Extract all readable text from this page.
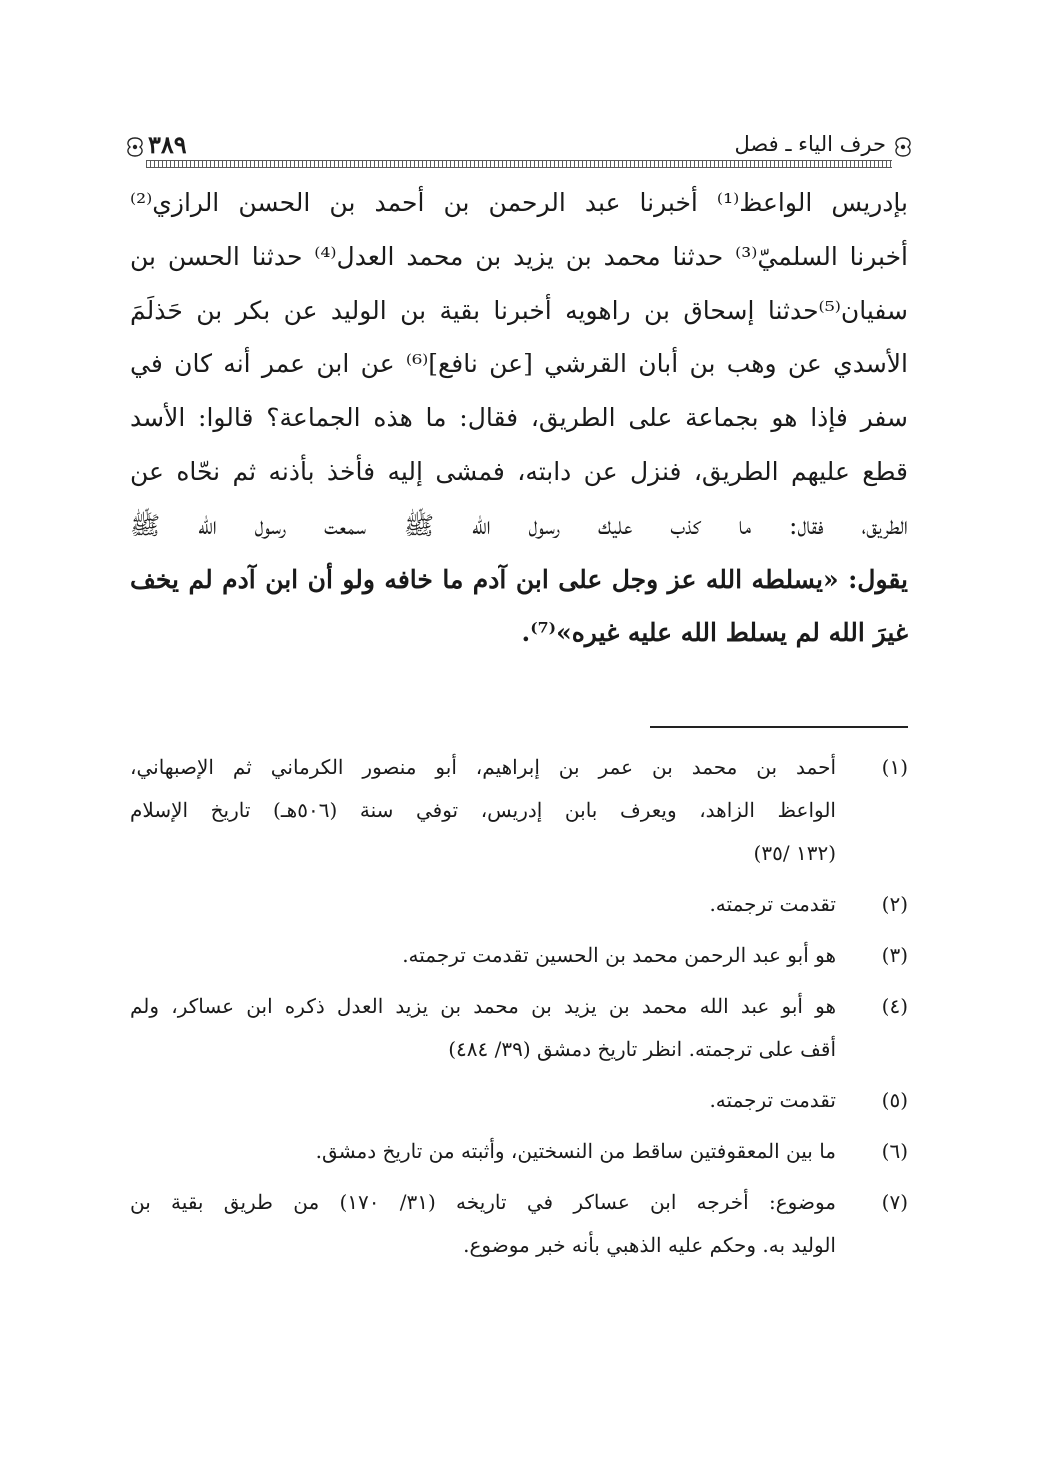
حرف الياء ـ فصل
٣٨٩
بإدريس الواعظ⁽¹⁾ أخبرنا عبد الرحمن بن أحمد بن الحسن الرازي⁽²⁾
أخبرنا السلميّ⁽³⁾ حدثنا محمد بن يزيد بن محمد العدل⁽⁴⁾ حدثنا الحسن بن
سفيان⁽⁵⁾حدثنا إسحاق بن راهويه أخبرنا بقية بن الوليد عن بكر بن حَذلَمَ
الأسدي عن وهب بن أبان القرشي [عن نافع]⁽⁶⁾ عن ابن عمر أنه كان في
سفر فإذا هو بجماعة على الطريق، فقال: ما هذه الجماعة؟ قالوا: الأسد
قطع عليهم الطريق، فنزل عن دابته، فمشى إليه فأخذ بأذنه ثم نحّاه عن
الطريق، فقال: ما كذب عليك رسول الله ﷺ سمعت رسول الله ﷺ
يقول: «يسلطه الله عز وجل على ابن آدم ما خافه ولو أن ابن آدم لم يخف
غيرَ الله لم يسلط الله عليه غيره»⁽⁷⁾.
(١)
أحمد بن محمد بن عمر بن إبراهيم، أبو منصور الكرماني ثم الإصبهاني،
الواعظ الزاهد، ويعرف بابن إدريس، توفي سنة (٥٠٦هـ) تاريخ الإسلام
(١٣٢ /٣٥)
(٢)
تقدمت ترجمته.
(٣)
هو أبو عبد الرحمن محمد بن الحسين تقدمت ترجمته.
(٤)
هو أبو عبد الله محمد بن يزيد بن محمد بن يزيد العدل ذكره ابن عساكر، ولم
أقف على ترجمته. انظر تاريخ دمشق (٣٩/ ٤٨٤)
(٥)
تقدمت ترجمته.
(٦)
ما بين المعقوفتين ساقط من النسختين، وأثبته من تاريخ دمشق.
(٧)
موضوع: أخرجه ابن عساكر في تاريخه (٣١/ ١٧٠) من طريق بقية بن
الوليد به. وحكم عليه الذهبي بأنه خبر موضوع.
